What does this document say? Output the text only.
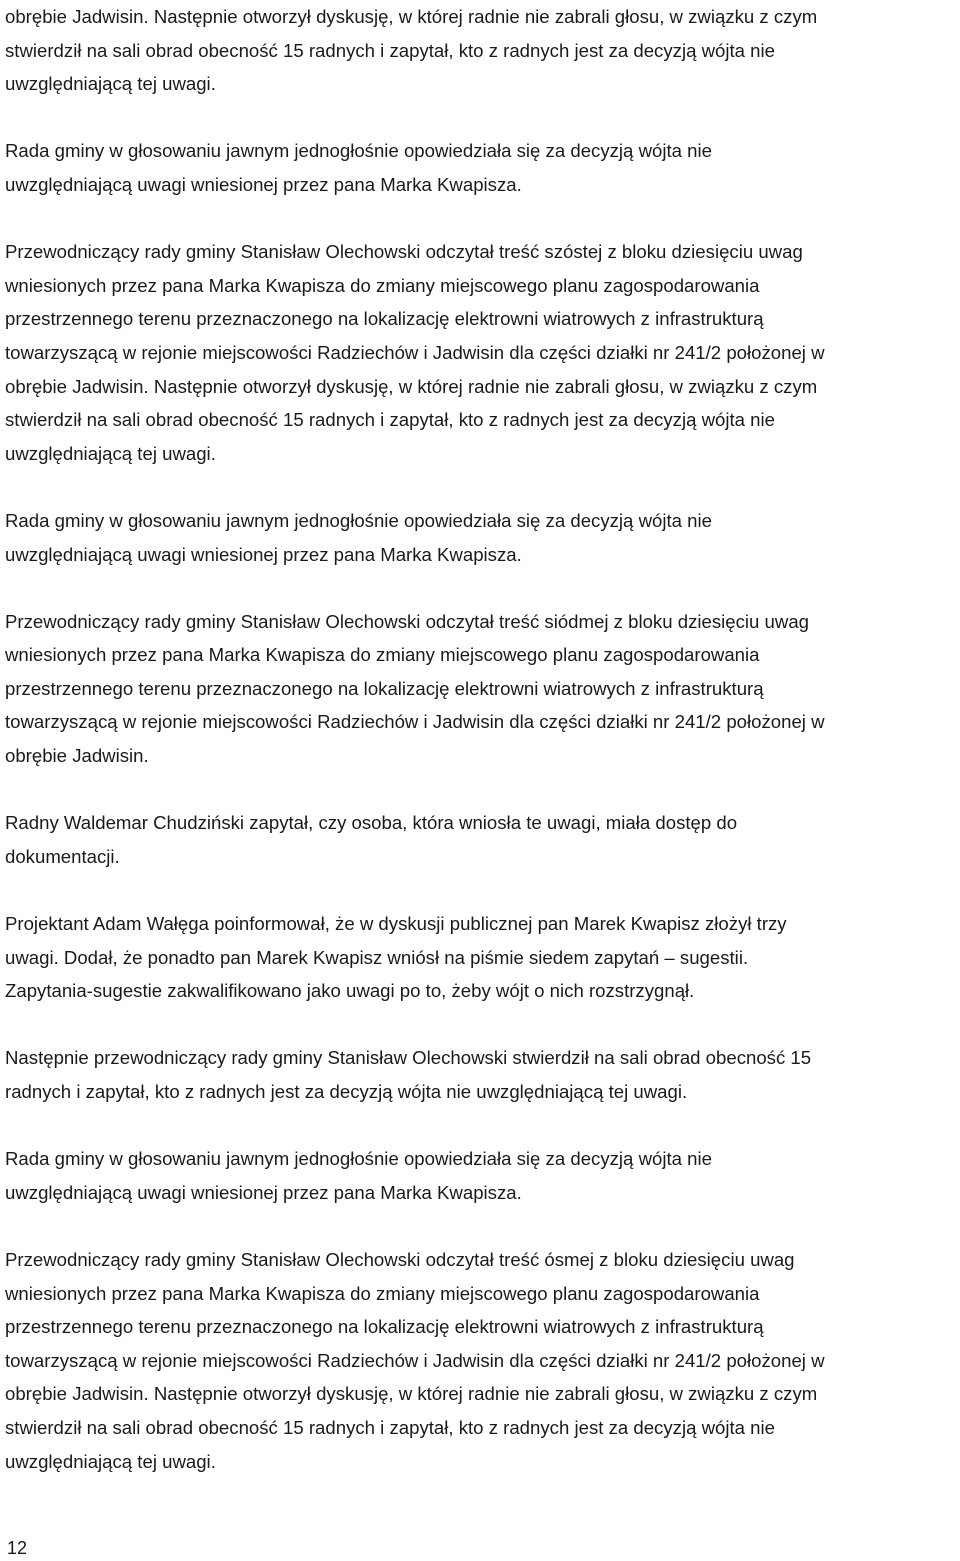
obrębie Jadwisin. Następnie otworzył dyskusję, w której radnie nie zabrali głosu, w związku z czym
stwierdził na sali obrad obecność 15 radnych i zapytał, kto z radnych jest za decyzją wójta nie
uwzględniającą tej uwagi.

Rada gminy w głosowaniu jawnym jednogłośnie opowiedziała się za decyzją wójta nie
uwzględniającą uwagi wniesionej przez pana Marka Kwapisza.

Przewodniczący rady gminy Stanisław Olechowski odczytał treść szóstej z bloku dziesięciu uwag
wniesionych przez pana Marka Kwapisza do zmiany miejscowego planu zagospodarowania
przestrzennego terenu przeznaczonego na lokalizację elektrowni wiatrowych z infrastrukturą
towarzyszącą w rejonie miejscowości Radziechów i Jadwisin dla części działki nr 241/2 położonej w
obrębie Jadwisin. Następnie otworzył dyskusję, w której radnie nie zabrali głosu, w związku z czym
stwierdził na sali obrad obecność 15 radnych i zapytał, kto z radnych jest za decyzją wójta nie
uwzględniającą tej uwagi.

Rada gminy w głosowaniu jawnym jednogłośnie opowiedziała się za decyzją wójta nie
uwzględniającą uwagi wniesionej przez pana Marka Kwapisza.

Przewodniczący rady gminy Stanisław Olechowski odczytał treść siódmej z bloku dziesięciu uwag
wniesionych przez pana Marka Kwapisza do zmiany miejscowego planu zagospodarowania
przestrzennego terenu przeznaczonego na lokalizację elektrowni wiatrowych z infrastrukturą
towarzyszącą w rejonie miejscowości Radziechów i Jadwisin dla części działki nr 241/2 położonej w
obrębie Jadwisin.

Radny Waldemar Chudziński zapytał, czy osoba, która wniosła te uwagi, miała dostęp do
dokumentacji.

Projektant Adam Wałęga poinformował, że w dyskusji publicznej pan Marek Kwapisz złożył trzy
uwagi. Dodał, że ponadto pan Marek Kwapisz wniósł na piśmie siedem zapytań – sugestii.
Zapytania-sugestie zakwalifikowano jako uwagi po to, żeby wójt o nich rozstrzygnął.

Następnie przewodniczący rady gminy Stanisław Olechowski stwierdził na sali obrad obecność 15
radnych i zapytał, kto z radnych jest za decyzją wójta nie uwzględniającą tej uwagi.

Rada gminy w głosowaniu jawnym jednogłośnie opowiedziała się za decyzją wójta nie
uwzględniającą uwagi wniesionej przez pana Marka Kwapisza.

Przewodniczący rady gminy Stanisław Olechowski odczytał treść ósmej z bloku dziesięciu uwag
wniesionych przez pana Marka Kwapisza do zmiany miejscowego planu zagospodarowania
przestrzennego terenu przeznaczonego na lokalizację elektrowni wiatrowych z infrastrukturą
towarzyszącą w rejonie miejscowości Radziechów i Jadwisin dla części działki nr 241/2 położonej w
obrębie Jadwisin. Następnie otworzył dyskusję, w której radnie nie zabrali głosu, w związku z czym
stwierdził na sali obrad obecność 15 radnych i zapytał, kto z radnych jest za decyzją wójta nie
uwzględniającą tej uwagi.

12
